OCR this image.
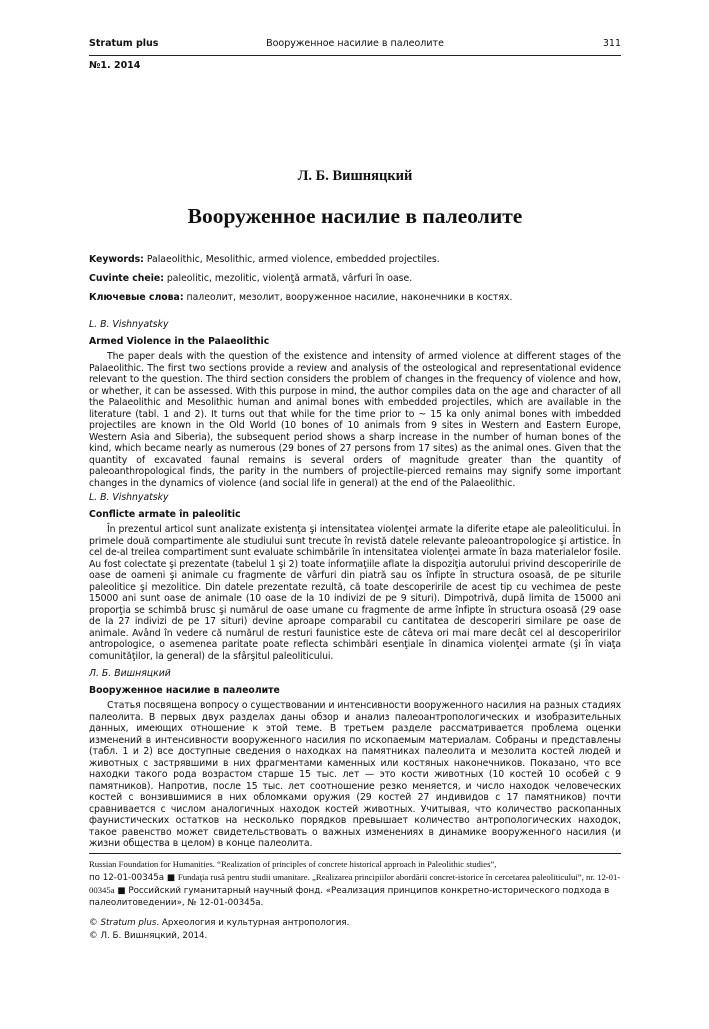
Stratum plus	Вооруженное насилие в палеолите	311
№1. 2014
Л. Б. Вишняцкий
Вооруженное насилие в палеолите

Keywords: Palaeolithic, Mesolithic, armed violence, embedded projectiles.

Cuvinte cheie: paleolitic, mezolitic, violenţă armată, vârfuri în oase.

Ключевые слова: палеолит, мезолит, вооруженное насилие, наконечники в костях.

L. B. Vishnyatsky

Armed Violence in the Palaeolithic

The paper deals with the question of the existence and intensity of armed violence at different stages of the Palaeolithic. The first two sections provide a review and analysis of the osteological and representational evidence relevant to the question. The third section considers the problem of changes in the frequency of violence and how, or whether, it can be assessed. With this purpose in mind, the author compiles data on the age and character of all the Palaeolithic and Mesolithic human and animal bones with embedded projectiles, which are available in the literature (tabl. 1 and 2). It turns out that while for the time prior to ~ 15 ka only animal bones with imbedded projectiles are known in the Old World (10 bones of 10 animals from 9 sites in Western and Eastern Europe, Western Asia and Siberia), the subsequent period shows a sharp increase in the number of human bones of the kind, which became nearly as numerous (29 bones of 27 persons from 17 sites) as the animal ones. Given that the quantity of excavated faunal remains is several orders of magnitude greater than the quantity of paleoanthropological finds, the parity in the numbers of projectile-pierced remains may signify some important changes in the dynamics of violence (and social life in general) at the end of the Palaeolithic.

L. B. Vishnyatsky

Conflicte armate în paleolitic

În prezentul articol sunt analizate existenţa şi intensitatea violenţei armate la diferite etape ale paleoliticului. În primele două compartimente ale studiului sunt trecute în revistă datele relevante paleoantropologice şi artistice. În cel de-al treilea compartiment sunt evaluate schimbările în intensitatea violenţei armate în baza materialelor fosile. Au fost colectate şi prezentate (tabelul 1 şi 2) toate informaţiile aflate la dispoziţia autorului privind descoperirile de oase de oameni şi animale cu fragmente de vârfuri din piatră sau os înfipte în structura osoasă, de pe siturile paleolitice şi mezolitice. Din datele prezentate rezultă, că toate descoperirile de acest tip cu vechimea de peste 15000 ani sunt oase de animale (10 oase de la 10 indivizi de pe 9 situri). Dimpotrivă, după limita de 15000 ani proporţia se schimbă brusc şi numărul de oase umane cu fragmente de arme înfipte în structura osoasă (29 oase de la 27 indivizi de pe 17 situri) devine aproape comparabil cu cantitatea de descoperiri similare pe oase de animale. Având în vedere că numărul de resturi faunistice este de câteva ori mai mare decât cel al descoperirilor antropologice, o asemenea paritate poate reflecta schimbări esenţiale în dinamica violenţei armate (şi în viaţa comunităţilor, la general) de la sfârşitul paleoliticului.

Л. Б. Вишняцкий

Вооруженное насилие в палеолите

Статья посвящена вопросу о существовании и интенсивности вооруженного насилия на разных стадиях палеолита. В первых двух разделах даны обзор и анализ палеоантропологических и изобразительных данных, имеющих отношение к этой теме. В третьем разделе рассматривается проблема оценки изменений в интенсивности вооруженного насилия по ископаемым материалам. Собраны и представлены (табл. 1 и 2) все доступные сведения о находках на памятниках палеолита и мезолита костей людей и животных с застрявшими в них фрагментами каменных или костяных наконечников. Показано, что все находки такого рода возрастом старше 15 тыс. лет — это кости животных (10 костей 10 особей с 9 памятников). Напротив, после 15 тыс. лет соотношение резко меняется, и число находок человеческих костей с вонзившимися в них обломками оружия (29 костей 27 индивидов с 17 памятников) почти сравнивается с числом аналогичных находок костей животных. Учитывая, что количество раскопанных фаунистических остатков на несколько порядков превышает количество антропологических находок, такое равенство может свидетельствовать о важных изменениях в динамике вооруженного насилия (и жизни общества в целом) в конце палеолита.

Russian Foundation for Humanities. “Realization of principles of concrete historical approach in Paleolithic studies”,
по 12-01-00345а ■ Fundaţia rusă pentru studii umanitare. „Realizarea principiilor abordării concret-istorice în cercetarea paleoliticului”, nr. 12-01-00345а ■ Российский гуманитарный научный фонд. «Реализация принципов конкретно-исторического подхода в палеолитоведении», № 12-01-00345а.

© Stratum plus. Археология и культурная антропология.

© Л. Б. Вишняцкий, 2014.
